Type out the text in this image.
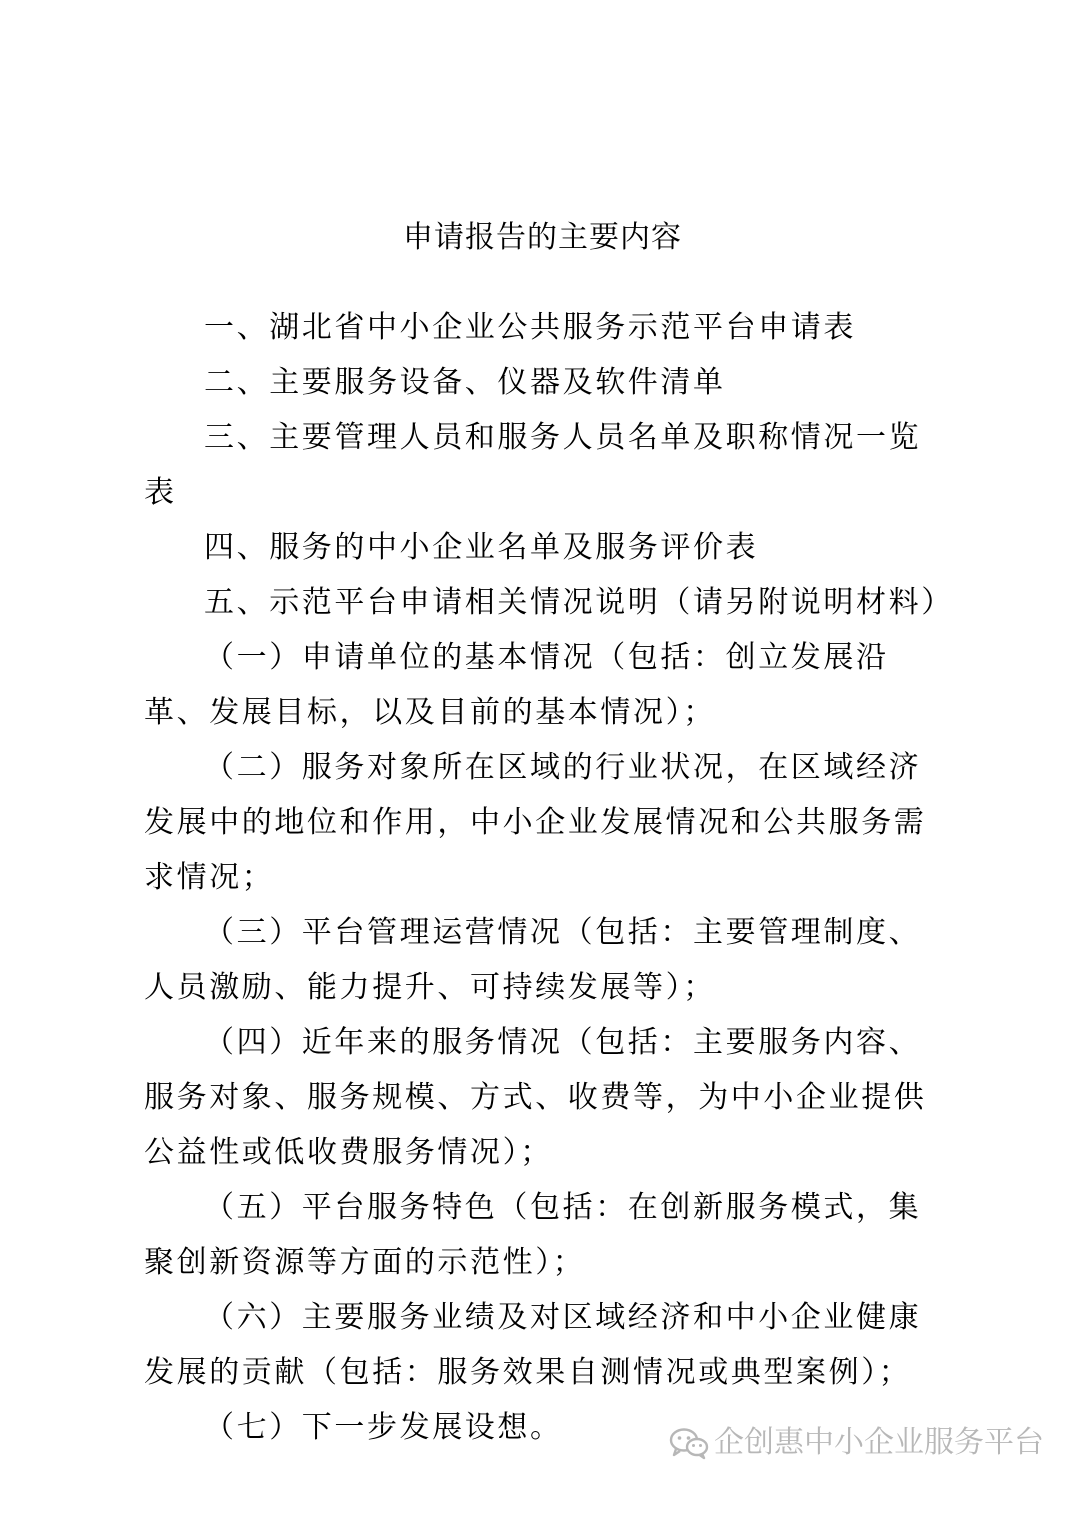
申请报告的主要内容

一、湖北省中小企业公共服务示范平台申请表

二、主要服务设备、仪器及软件清单

三、主要管理人员和服务人员名单及职称情况一览表

四、服务的中小企业名单及服务评价表

五、示范平台申请相关情况说明（请另附说明材料）

（一）申请单位的基本情况（包括：创立发展沿革、发展目标，以及目前的基本情况）；

（二）服务对象所在区域的行业状况，在区域经济发展中的地位和作用，中小企业发展情况和公共服务需求情况；

（三）平台管理运营情况（包括：主要管理制度、人员激励、能力提升、可持续发展等）；

（四）近年来的服务情况（包括：主要服务内容、服务对象、服务规模、方式、收费等，为中小企业提供公益性或低收费服务情况）；

（五）平台服务特色（包括：在创新服务模式，集聚创新资源等方面的示范性）；

（六）主要服务业绩及对区域经济和中小企业健康发展的贡献（包括：服务效果自测情况或典型案例）；

（七）下一步发展设想。	企创惠中小企业服务平台
